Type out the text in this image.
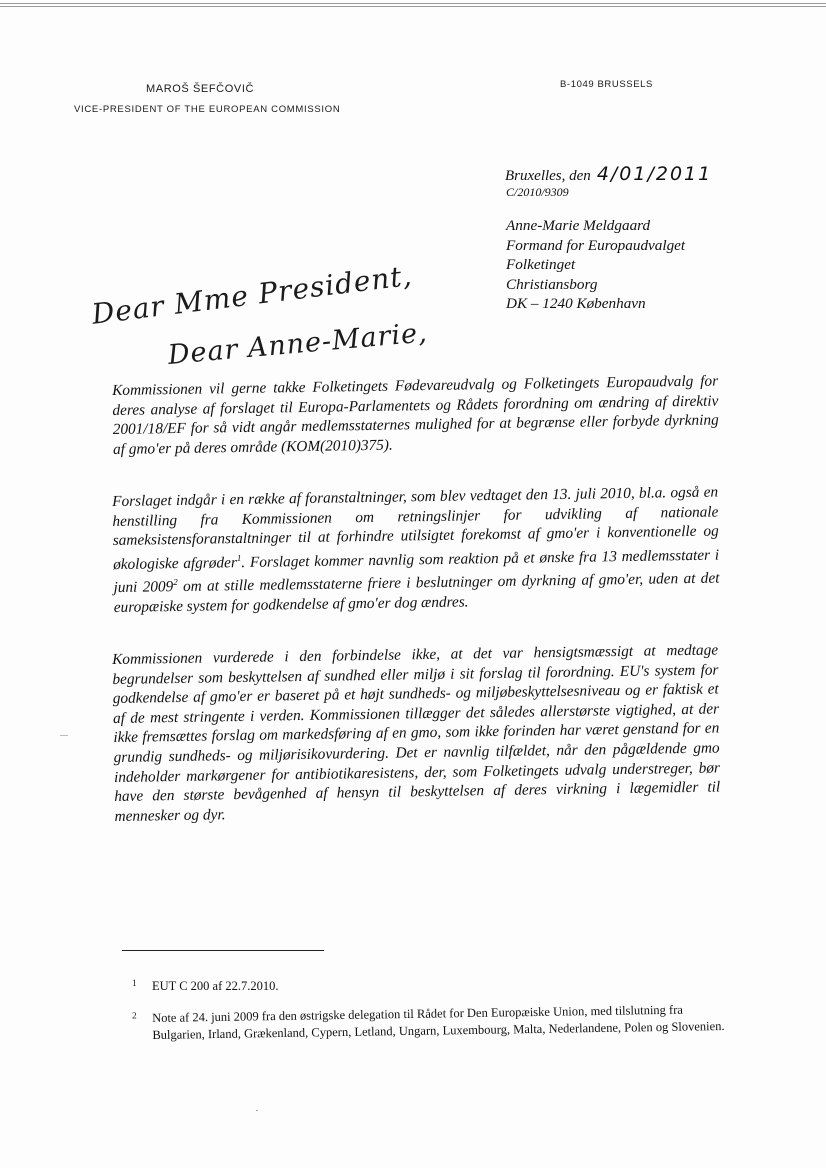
MAROŠ ŠEFČOVIČ
VICE-PRESIDENT OF THE EUROPEAN COMMISSION
B-1049 BRUSSELS
Bruxelles, den 4/01/2011
C/2010/9309
Anne-Marie Meldgaard
Formand for Europaudvalget
Folketinget
Christiansborg
DK – 1240 København
Dear Mme President,
Dear Anne-Marie,
Kommissionen vil gerne takke Folketingets Fødevareudvalg og Folketingets Europaudvalg for deres analyse af forslaget til Europa-Parlamentets og Rådets forordning om ændring af direktiv 2001/18/EF for så vidt angår medlemsstaternes mulighed for at begrænse eller forbyde dyrkning af gmo'er på deres område (KOM(2010)375).
Forslaget indgår i en række af foranstaltninger, som blev vedtaget den 13. juli 2010, bl.a. også en henstilling fra Kommissionen om retningslinjer for udvikling af nationale sameksistensforanstaltninger til at forhindre utilsigtet forekomst af gmo'er i konventionelle og økologiske afgrøder$^1$. Forslaget kommer navnlig som reaktion på et ønske fra 13 medlemsstater i juni 2009$^2$ om at stille medlemsstaterne friere i beslutninger om dyrkning af gmo'er, uden at det europæiske system for godkendelse af gmo'er dog ændres.
Kommissionen vurderede i den forbindelse ikke, at det var hensigtsmæssigt at medtage begrundelser som beskyttelsen af sundhed eller miljø i sit forslag til forordning. EU's system for godkendelse af gmo'er er baseret på et højt sundheds- og miljøbeskyttelsesniveau og er faktisk et af de mest stringente i verden. Kommissionen tillægger det således allerstørste vigtighed, at der ikke fremsættes forslag om markedsføring af en gmo, som ikke forinden har været genstand for en grundig sundheds- og miljørisikovurdering. Det er navnlig tilfældet, når den pågældende gmo indeholder markørgener for antibiotikaresistens, der, som Folketingets udvalg understreger, bør have den største bevågenhed af hensyn til beskyttelsen af deres virkning i lægemidler til mennesker og dyr.
1 EUT C 200 af 22.7.2010.
2 Note af 24. juni 2009 fra den østrigske delegation til Rådet for Den Europæiske Union, med tilslutning fra Bulgarien, Irland, Grækenland, Cypern, Letland, Ungarn, Luxembourg, Malta, Nederlandene, Polen og Slovenien.
